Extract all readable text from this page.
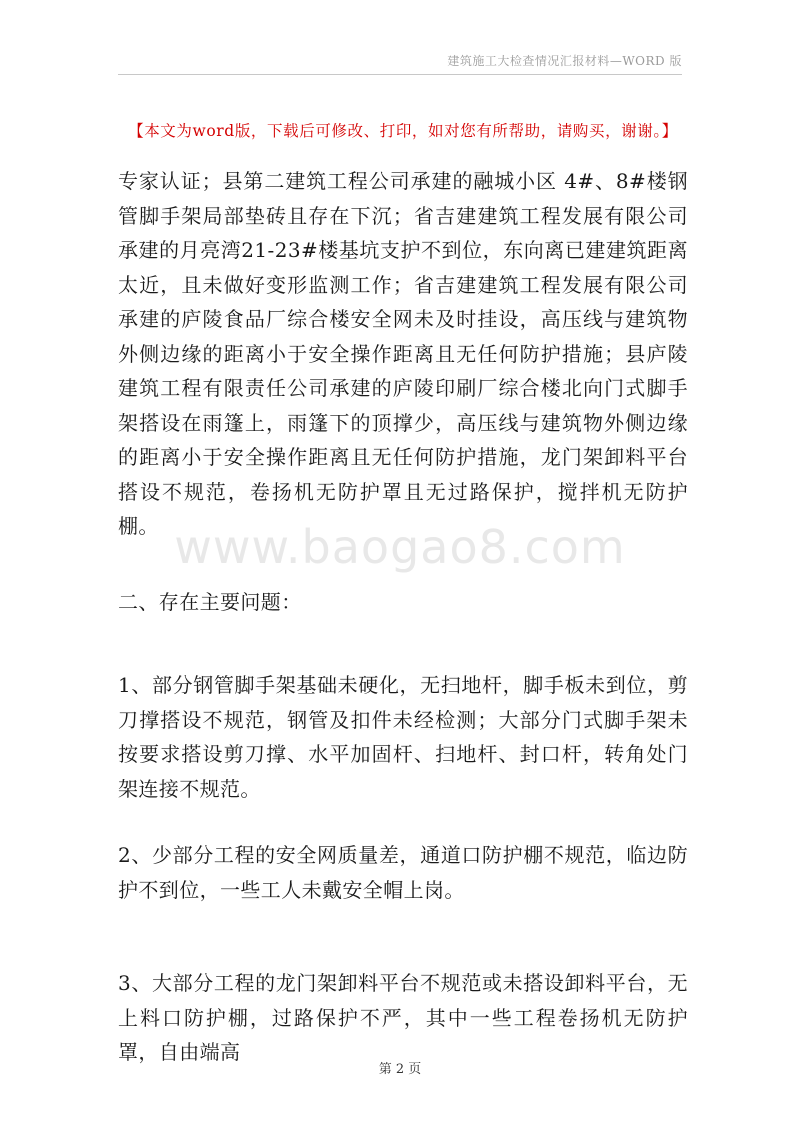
建筑施工大检查情况汇报材料—WORD 版
【本文为word版，下载后可修改、打印，如对您有所帮助，请购买，谢谢。】

专家认证；县第二建筑工程公司承建的融城小区 4#、8#楼钢管脚手架局部垫砖且存在下沉；省吉建建筑工程发展有限公司承建的月亮湾21-23#楼基坑支护不到位，东向离已建建筑距离太近，且未做好变形监测工作；省吉建建筑工程发展有限公司承建的庐陵食品厂综合楼安全网未及时挂设，高压线与建筑物外侧边缘的距离小于安全操作距离且无任何防护措施；县庐陵建筑工程有限责任公司承建的庐陵印刷厂综合楼北向门式脚手架搭设在雨篷上，雨篷下的顶撑少，高压线与建筑物外侧边缘的距离小于安全操作距离且无任何防护措施，龙门架卸料平台搭设不规范，卷扬机无防护罩且无过路保护，搅拌机无防护棚。 www.baogao8.com

二、存在主要问题：

1、部分钢管脚手架基础未硬化，无扫地杆，脚手板未到位，剪刀撑搭设不规范，钢管及扣件未经检测；大部分门式脚手架未按要求搭设剪刀撑、水平加固杆、扫地杆、封口杆，转角处门架连接不规范。

2、少部分工程的安全网质量差，通道口防护棚不规范，临边防护不到位，一些工人未戴安全帽上岗。

3、大部分工程的龙门架卸料平台不规范或未搭设卸料平台，无上料口防护棚，过路保护不严，其中一些工程卷扬机无防护罩，自由端高

第 2 页
